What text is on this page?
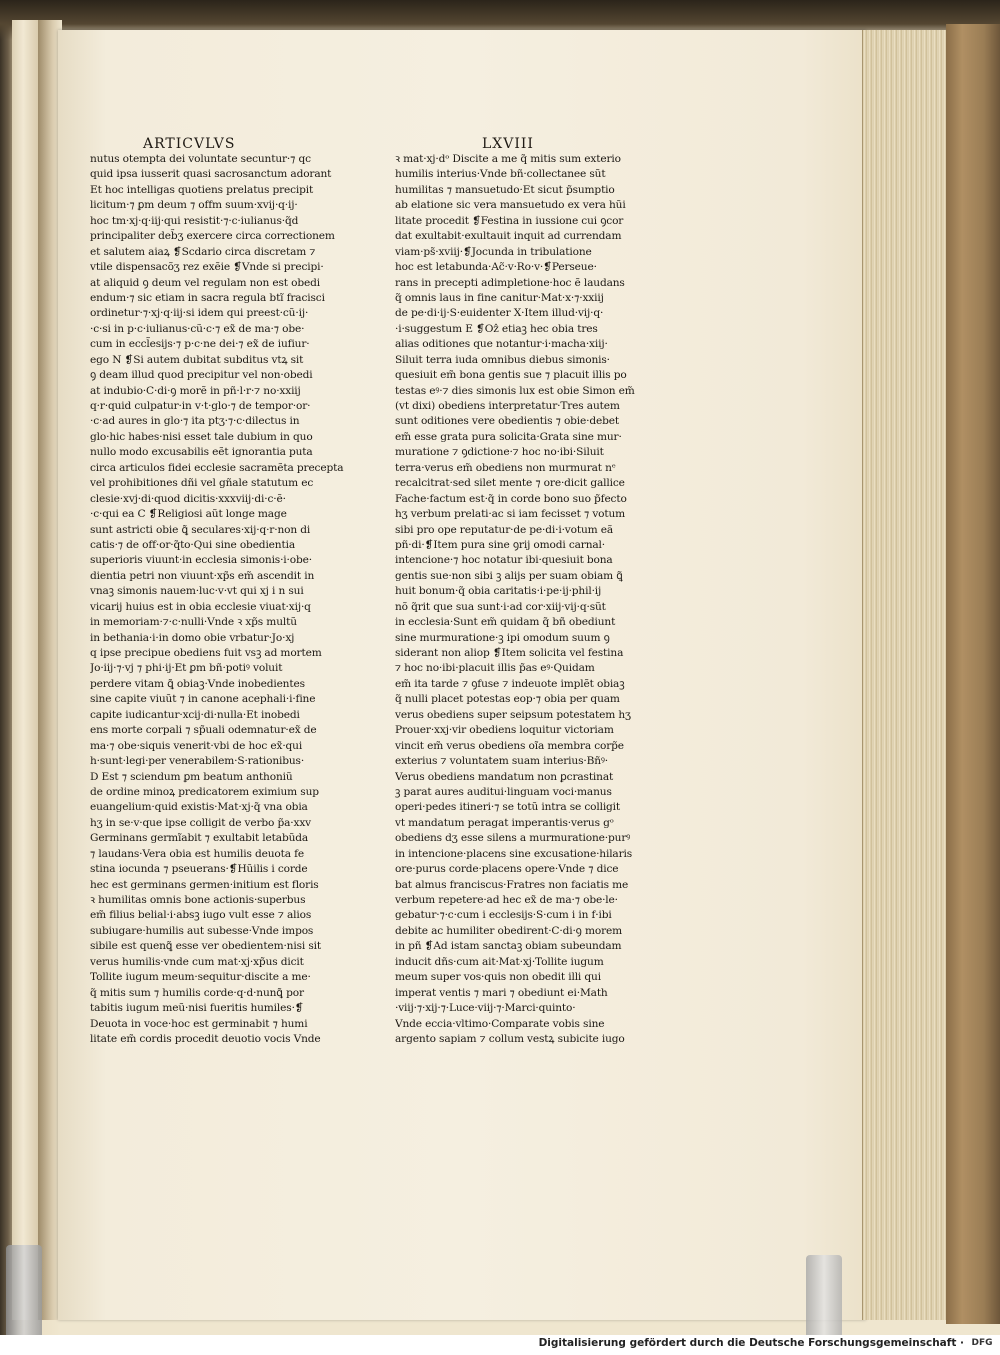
ARTICVLVS	LXVIII
nutus otempta dei voluntate secuntur·⁊ qc
quid ipsa iusserit quasi sacrosanctum adorant
Et hoc intelligas quotiens prelatus precipit
licitum·⁊ ꝑm deum ⁊ offm suum·xvij·q·ij·
hoc tm·xj·q·iij·qui resistit·⁊·c·iulianus·q̃d
principaliter deb̃ʒ exercere circa correctionem
et salutem aiaꝝ ❡Scdario circa discretam ⁊
vtile dispensacõʒ rez exẽie ❡Vnde si precipi·
at aliquid ꝯ deum vel regulam non est obedi
endum·⁊ sic etiam in sacra regula btĩ fracisci
ordinetur·⁊·xj·q·iij·si idem qui preest·cũ·ij·
·c·si in p·c·iulianus·cũ·c·⁊ ex̃ de ma·⁊ obe·
cum in eccl̃esijs·⁊ p·c·ne dei·⁊ ex̃ de iufiur·
ego N ❡Si autem dubitat subditus vtꝝ sit
ꝯ deam illud quod precipitur vel non·obedi
at indubio·C·di·ꝯ morẽ in pñ·l·r·⁊ no·xxiij
q·r·quid culpatur·in v·t·glo·⁊ de tempor·or·
·c·ad aures in glo·⁊ ita ptʒ·⁊·c·dilectus in
glo·hic habes·nisi esset tale dubium in quo
nullo modo excusabilis eẽt ignorantia puta
circa articulos fidei ecclesie sacramẽta precepta
vel prohibitiones dñi vel gñale statutum ec
clesie·xvj·di·quod dicitis·xxxviij·di·c·ẽ·
·c·qui ea C ❡Religiosi aũt longe mage
sunt astricti obie ꝗ̃ seculares·xij·q·r·non di
catis·⁊ de off·or·q̃to·Qui sine obedientia
superioris viuunt·in ecclesia simonis·i·obe·
dientia petri non viuunt·xp̃s em̃ ascendit in
vnaꝫ simonis nauem·luc·v·vt qui xj i n sui
vicarij huius est in obia ecclesie viuat·xij·q
in memoriam·⁊·c·nulli·Vnde ꝛ xp̃s multũ
in bethania·i·in domo obie vrbatur·Jo·xj
q ipse precipue obediens fuit vsꝫ ad mortem
Jo·iij·⁊·vj ⁊ phi·ij·Et ꝑm bñ·potiꝰ voluit
perdere vitam ꝗ̃ obiaꝫ·Vnde inobedientes
sine capite viuũt ⁊ in canone acephali·i·fine
capite iudicantur·xcij·di·nulla·Et inobedi
ens morte corpali ⁊ sp̃uali odemnatur·ex̃ de
ma·⁊ obe·siquis venerit·vbi de hoc ex̃·qui
h·sunt·legi·per venerabilem·S·rationibus·
D Est ⁊ sciendum ꝑm beatum anthoniũ
de ordine minoꝝ predicatorem eximium sup
euangelium·quid existis·Mat·xj·q̃ vna obia
hʒ in se·v·que ipse colligit de verbo p̃a·xxv
Germinans germĩabit ⁊ exultabit letabũda
⁊ laudans·Vera obia est humilis deuota fe
stina iocunda ⁊ pseuerans·❡Hũilis i corde
hec est germinans germen·initium est floris
ꝛ humilitas omnis bone actionis·superbus
em̃ filius belial·i·absꝫ iugo vult esse ⁊ alios
subiugare·humilis aut subesse·Vnde impos
sibile est quenꝗ̃ esse ver obedientem·nisi sit
verus humilis·vnde cum mat·xj·xp̃us dicit
Tollite iugum meum·sequitur·discite a me·
q̃ mitis sum ⁊ humilis corde·q·d·nunꝗ̃ por
tabitis iugum meũ·nisi fueritis humiles·❡
Deuota in voce·hoc est germinabit ⁊ humi
litate em̃ cordis procedit deuotio vocis Vnde
ꝛ mat·xj·dᵒ Discite a me q̃ mitis sum exterio
humilis interius·Vnde bñ·collectanee sũt
humilitas ⁊ mansuetudo·Et sicut p̃sumptio
ab elatione sic vera mansuetudo ex vera hũi
litate procedit ❡Festina in iussione cui ꝯcor
dat exultabit·exultauit inquit ad currendam
viam·ps̃·xviij·❡Jocunda in tribulatione
hoc est letabunda·Ac̃·v·Ro·v·❡Perseue·
rans in precepti adimpletione·hoc ẽ laudans
q̃ omnis laus in fine canitur·Mat·x·⁊·xxiij
de pe·di·ij·S·euidenter X·Item illud·vij·q·
·i·suggestum E ❡Oẑ etiaꝫ hec obia tres
alias oditiones que notantur·i·macha·xiij·
Siluit terra iuda omnibus diebus simonis·
quesiuit em̃ bona gentis sue ⁊ placuit illis po
testas eꝰ·⁊ dies simonis lux est obie Simon em̃
(vt dixi) obediens interpretatur·Tres autem
sunt oditiones vere obedientis ⁊ obie·debet
em̃ esse grata pura solicita·Grata sine mur·
muratione ⁊ ꝯdictione·⁊ hoc no·ibi·Siluit
terra·verus em̃ obediens non murmurat nᵉ
recalcitrat·sed silet mente ⁊ ore·dicit gallice
Fache·factum est·q̃ in corde bono suo p̃fecto
hʒ verbum prelati·ac si iam fecisset ⁊ votum
sibi pro ope reputatur·de pe·di·i·votum eã
pñ·di·❡Item pura sine ꝯrij omodi carnal·
intencione·⁊ hoc notatur ibi·quesiuit bona
gentis sue·non sibi ꝫ alijs per suam obiam ꝗ̃
huit bonum·q̃ obia caritatis·i·pe·ij·phil·ij
nõ q̃rit que sua sunt·i·ad cor·xiij·vij·q·sũt
in ecclesia·Sunt em̃ quidam q̃ bñ obediunt
sine murmuratione·ꝫ ipi omodum suum ꝯ
siderant non aliop ❡Item solicita vel festina
⁊ hoc no·ibi·placuit illis p̃as eꝰ·Quidam
em̃ ita tarde ⁊ ꝯfuse ⁊ indeuote implẽt obiaꝫ
q̃ nulli placet potestas eop·⁊ obia per quam
verus obediens super seipsum potestatem hʒ
Prouer·xxj·vir obediens loquitur victoriam
vincit em̃ verus obediens oĩa membra corp̃e
exterius ⁊ voluntatem suam interius·Bñꝰ·
Verus obediens mandatum non ꝑcrastinat
ꝫ parat aures auditui·linguam voci·manus
operi·pedes itineri·⁊ se totũ intra se colligit
vt mandatum peragat imperantis·verus gᵒ
obediens dʒ esse silens a murmuratione·purꝰ
in intencione·placens sine excusatione·hilaris
ore·purus corde·placens opere·Vnde ⁊ dice
bat almus franciscus·Fratres non faciatis me
verbum repetere·ad hec ex̃ de ma·⁊ obe·le·
gebatur·⁊·c·cum i ecclesijs·S·cum i in f·ibi
debite ac humiliter obedirent·C·di·ꝯ morem
in pñ ❡Ad istam sanctaꝫ obiam subeundam
inducit dñs·cum ait·Mat·xj·Tollite iugum
meum super vos·quis non obedit illi qui
imperat ventis ⁊ mari ⁊ obediunt ei·Math
·viij·⁊·xij·⁊·Luce·viij·⁊·Marci·quinto·
Vnde eccia·vltimo·Comparate vobis sine
argento sapiam ⁊ collum vestꝝ subicite iugo
Digitalisierung gefördert durch die Deutsche Forschungsgemeinschaft · DFG
